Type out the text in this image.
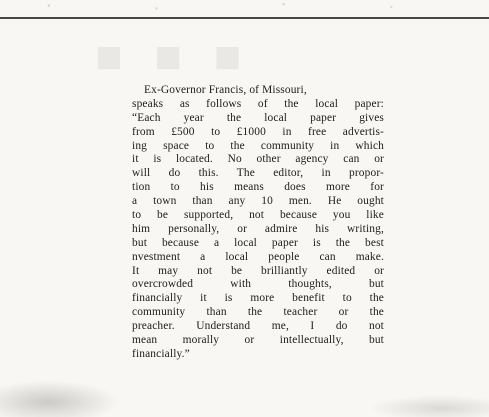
■ ■ ■
Ex-Governor Francis, of Missouri,
speaks as follows of the local paper:
“Each year the local paper gives
from £500 to £1000 in free advertis-
ing space to the community in which
it is located. No other agency can or
will do this. The editor, in propor-
tion to his means does more for
a town than any 10 men. He ought
to be supported, not because you like
him personally, or admire his writing,
but because a local paper is the best
nvestment a local people can make.
It may not be brilliantly edited or
overcrowded with thoughts, but
financially it is more benefit to the
community than the teacher or the
preacher. Understand me, I do not
mean morally or intellectually, but
financially.”
